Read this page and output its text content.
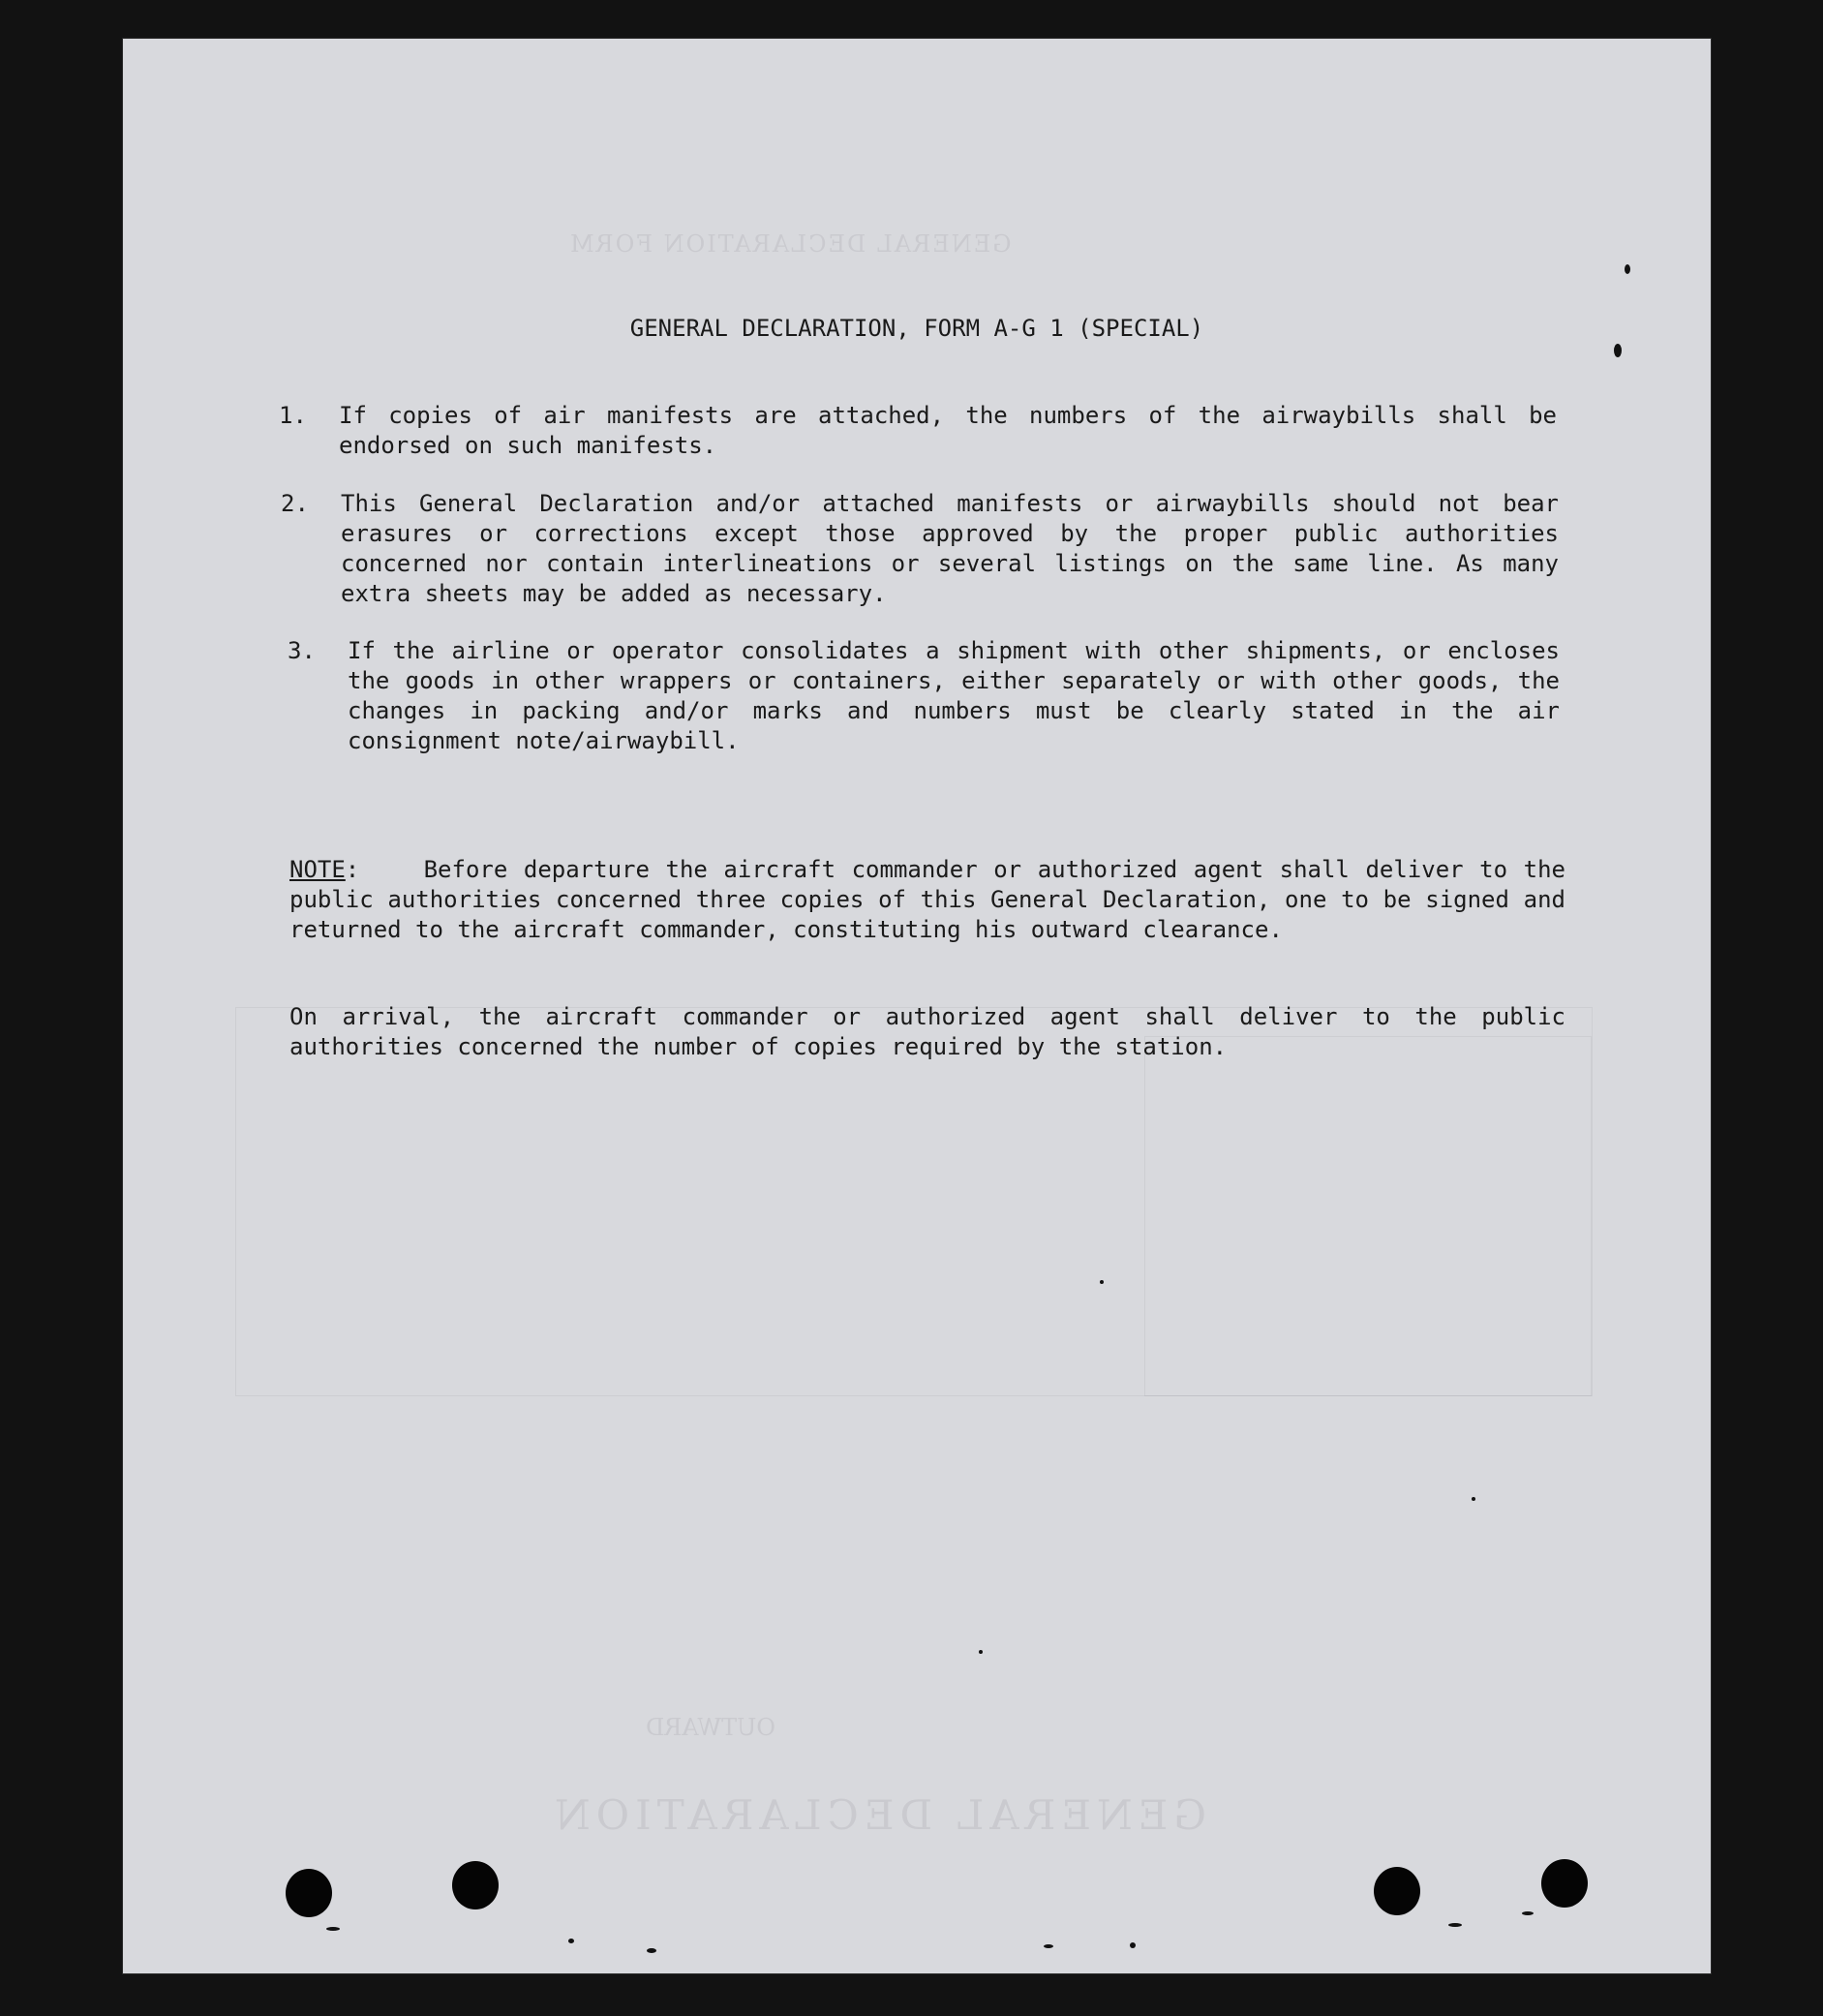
GENERAL DECLARATION
OUTWARD
GENERAL DECLARATION FORM
GENERAL DECLARATION, FORM A-G 1 (SPECIAL)
1. If copies of air manifests are attached, the numbers of the airwaybills shall be endorsed on such manifests.
2. This General Declaration and/or attached manifests or airwaybills should not bear erasures or corrections except those approved by the proper public authorities concerned nor contain interlineations or several listings on the same line. As many extra sheets may be added as necessary.
3. If the airline or operator consolidates a shipment with other shipments, or encloses the goods in other wrappers or containers, either separately or with other goods, the changes in packing and/or marks and numbers must be clearly stated in the air consignment note/airwaybill.
NOTE:    Before departure the aircraft commander or authorized agent shall deliver to the public authorities concerned three copies of this General Declaration, one to be signed and returned to the aircraft commander, constituting his outward clearance.
On arrival, the aircraft commander or authorized agent shall deliver to the public authorities concerned the number of copies required by the station.
